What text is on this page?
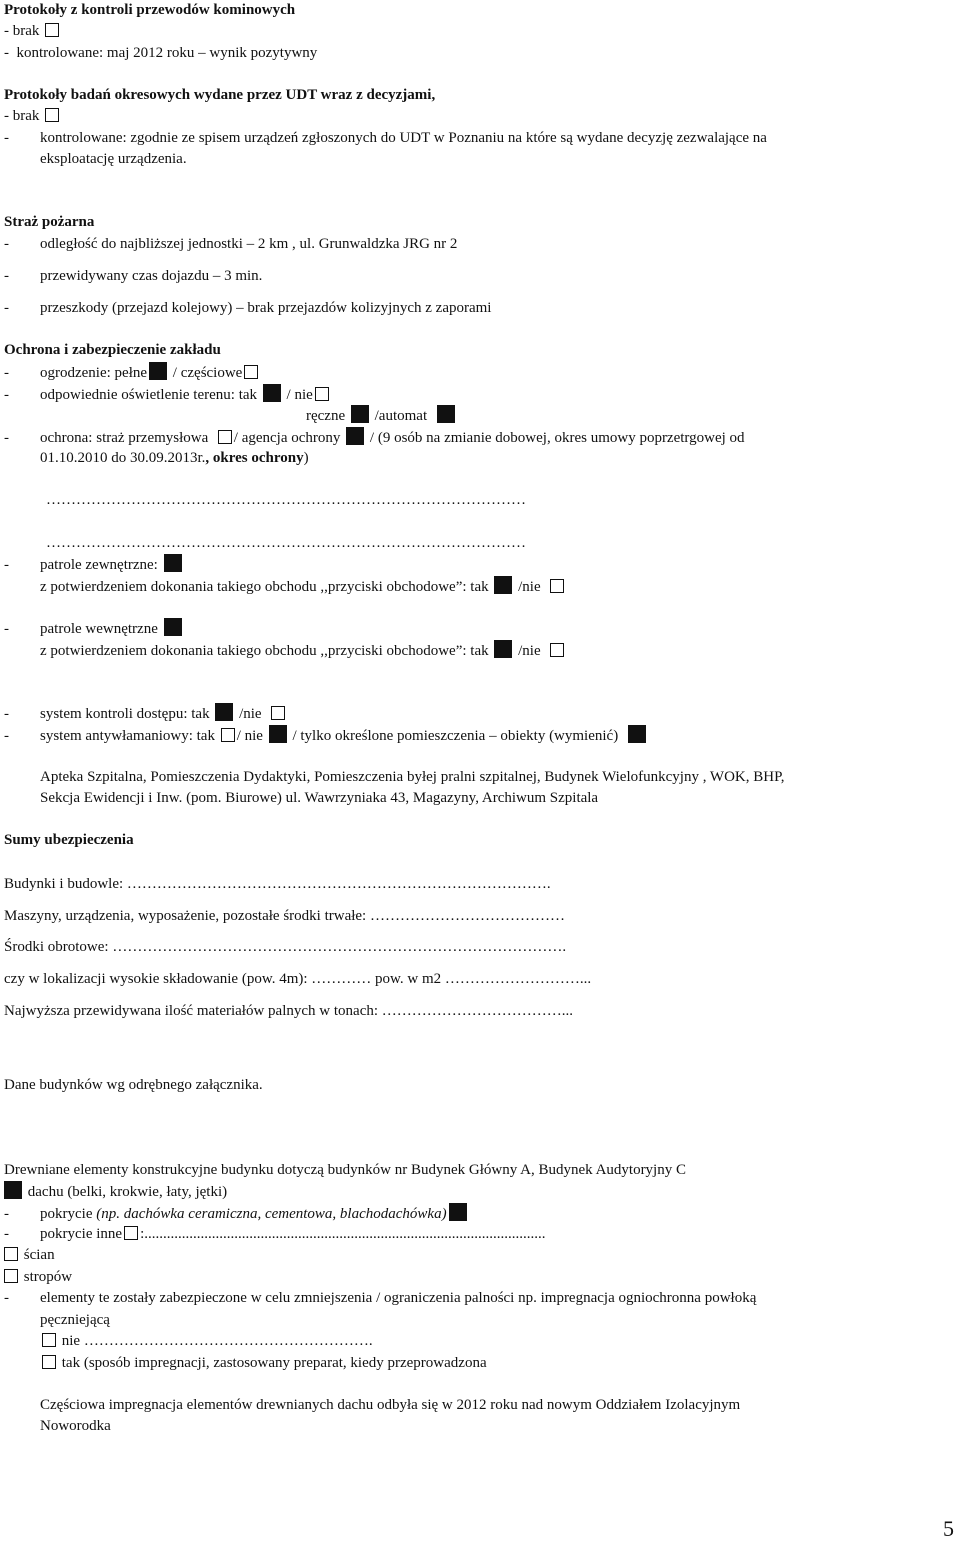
Protokoły z kontroli przewodów kominowych
- brak
-  kontrolowane: maj 2012 roku – wynik pozytywny
Protokoły badań okresowych wydane przez UDT wraz z decyzjami,
- brak
- kontrolowane: zgodnie ze spisem urządzeń zgłoszonych do UDT w Poznaniu na które są wydane decyzję zezwalające na
eksploatację urządzenia.
Straż pożarna
- odległość do najbliższej jednostki – 2 km , ul. Grunwaldzka JRG nr 2
- przewidywany czas dojazdu – 3 min.
- przeszkody (przejazd kolejowy) – brak przejazdów kolizyjnych z zaporami
Ochrona i zabezpieczenie zakładu
- ogrodzenie: pełne / częściowe
- odpowiednie oświetlenie terenu: tak / nie
ręczne /automat
- ochrona: straż przemysłowa / agencja ochrony / (9 osób na zmianie dobowej, okres umowy poprzetrgowej od
01.10.2010 do 30.09.2013r., okres ochrony)
……………………………………………………………………………………
……………………………………………………………………………………
- patrole zewnętrzne:
z potwierdzeniem dokonania takiego obchodu ,,przyciski obchodowe”: tak /nie
- patrole wewnętrzne
z potwierdzeniem dokonania takiego obchodu ,,przyciski obchodowe”: tak /nie
- system kontroli dostępu: tak /nie
- system antywłamaniowy: tak / nie / tylko określone pomieszczenia – obiekty (wymienić)
Apteka Szpitalna, Pomieszczenia Dydaktyki, Pomieszczenia byłej pralni szpitalnej, Budynek Wielofunkcyjny , WOK, BHP,
Sekcja Ewidencji i Inw. (pom. Biurowe) ul. Wawrzyniaka 43, Magazyny, Archiwum Szpitala
Sumy ubezpieczenia
Budynki i budowle: ………………………………………………………………………….
Maszyny, urządzenia, wyposażenie, pozostałe środki trwałe: …………………………………
Środki obrotowe: ……………………………………………………………………………….
czy w lokalizacji wysokie składowanie (pow. 4m): ………… pow. w m2 ………………………...
Najwyższa przewidywana ilość materiałów palnych w tonach: ………………………………...
Dane budynków wg odrębnego załącznika.
Drewniane elementy konstrukcyjne budynku dotyczą budynków nr Budynek Główny A, Budynek Audytoryjny C
dachu (belki, krokwie, łaty, jętki)
- pokrycie (np. dachówka ceramiczna, cementowa, blachodachówka)
- pokrycie inne :...........................................................................................................
ścian
stropów
- elementy te zostały zabezpieczone w celu zmniejszenia / ograniczenia palności np. impregnacja ogniochronna powłoką
pęczniejącą
nie ………………………………………………….
tak (sposób impregnacji, zastosowany preparat, kiedy przeprowadzona
Częściowa impregnacja elementów drewnianych dachu odbyła się w 2012 roku nad nowym Oddziałem Izolacyjnym
Noworodka
5
